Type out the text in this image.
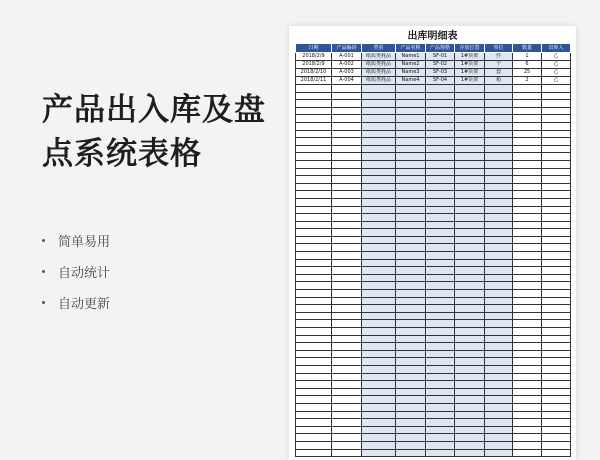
产品出入库及盘点系统表格
简单易用
自动统计
自动更新
出库明细表
日期	产品编码	类别	产品名称	产品规格	存放位置	单位	数量	出库人
2018/2/9	A-001	纸质类耗品	Name1	SF-01	1#货架	件	1	乙
2018/2/9	A-002	纸质类耗品	Name2	SF-02	1#货架	个	6	乙
2018/2/10	A-003	纸质类耗品	Name3	SF-03	1#货架	套	25	乙
2018/2/11	A-004	纸质类耗品	Name4	SF-04	1#货架	箱	2	乙
